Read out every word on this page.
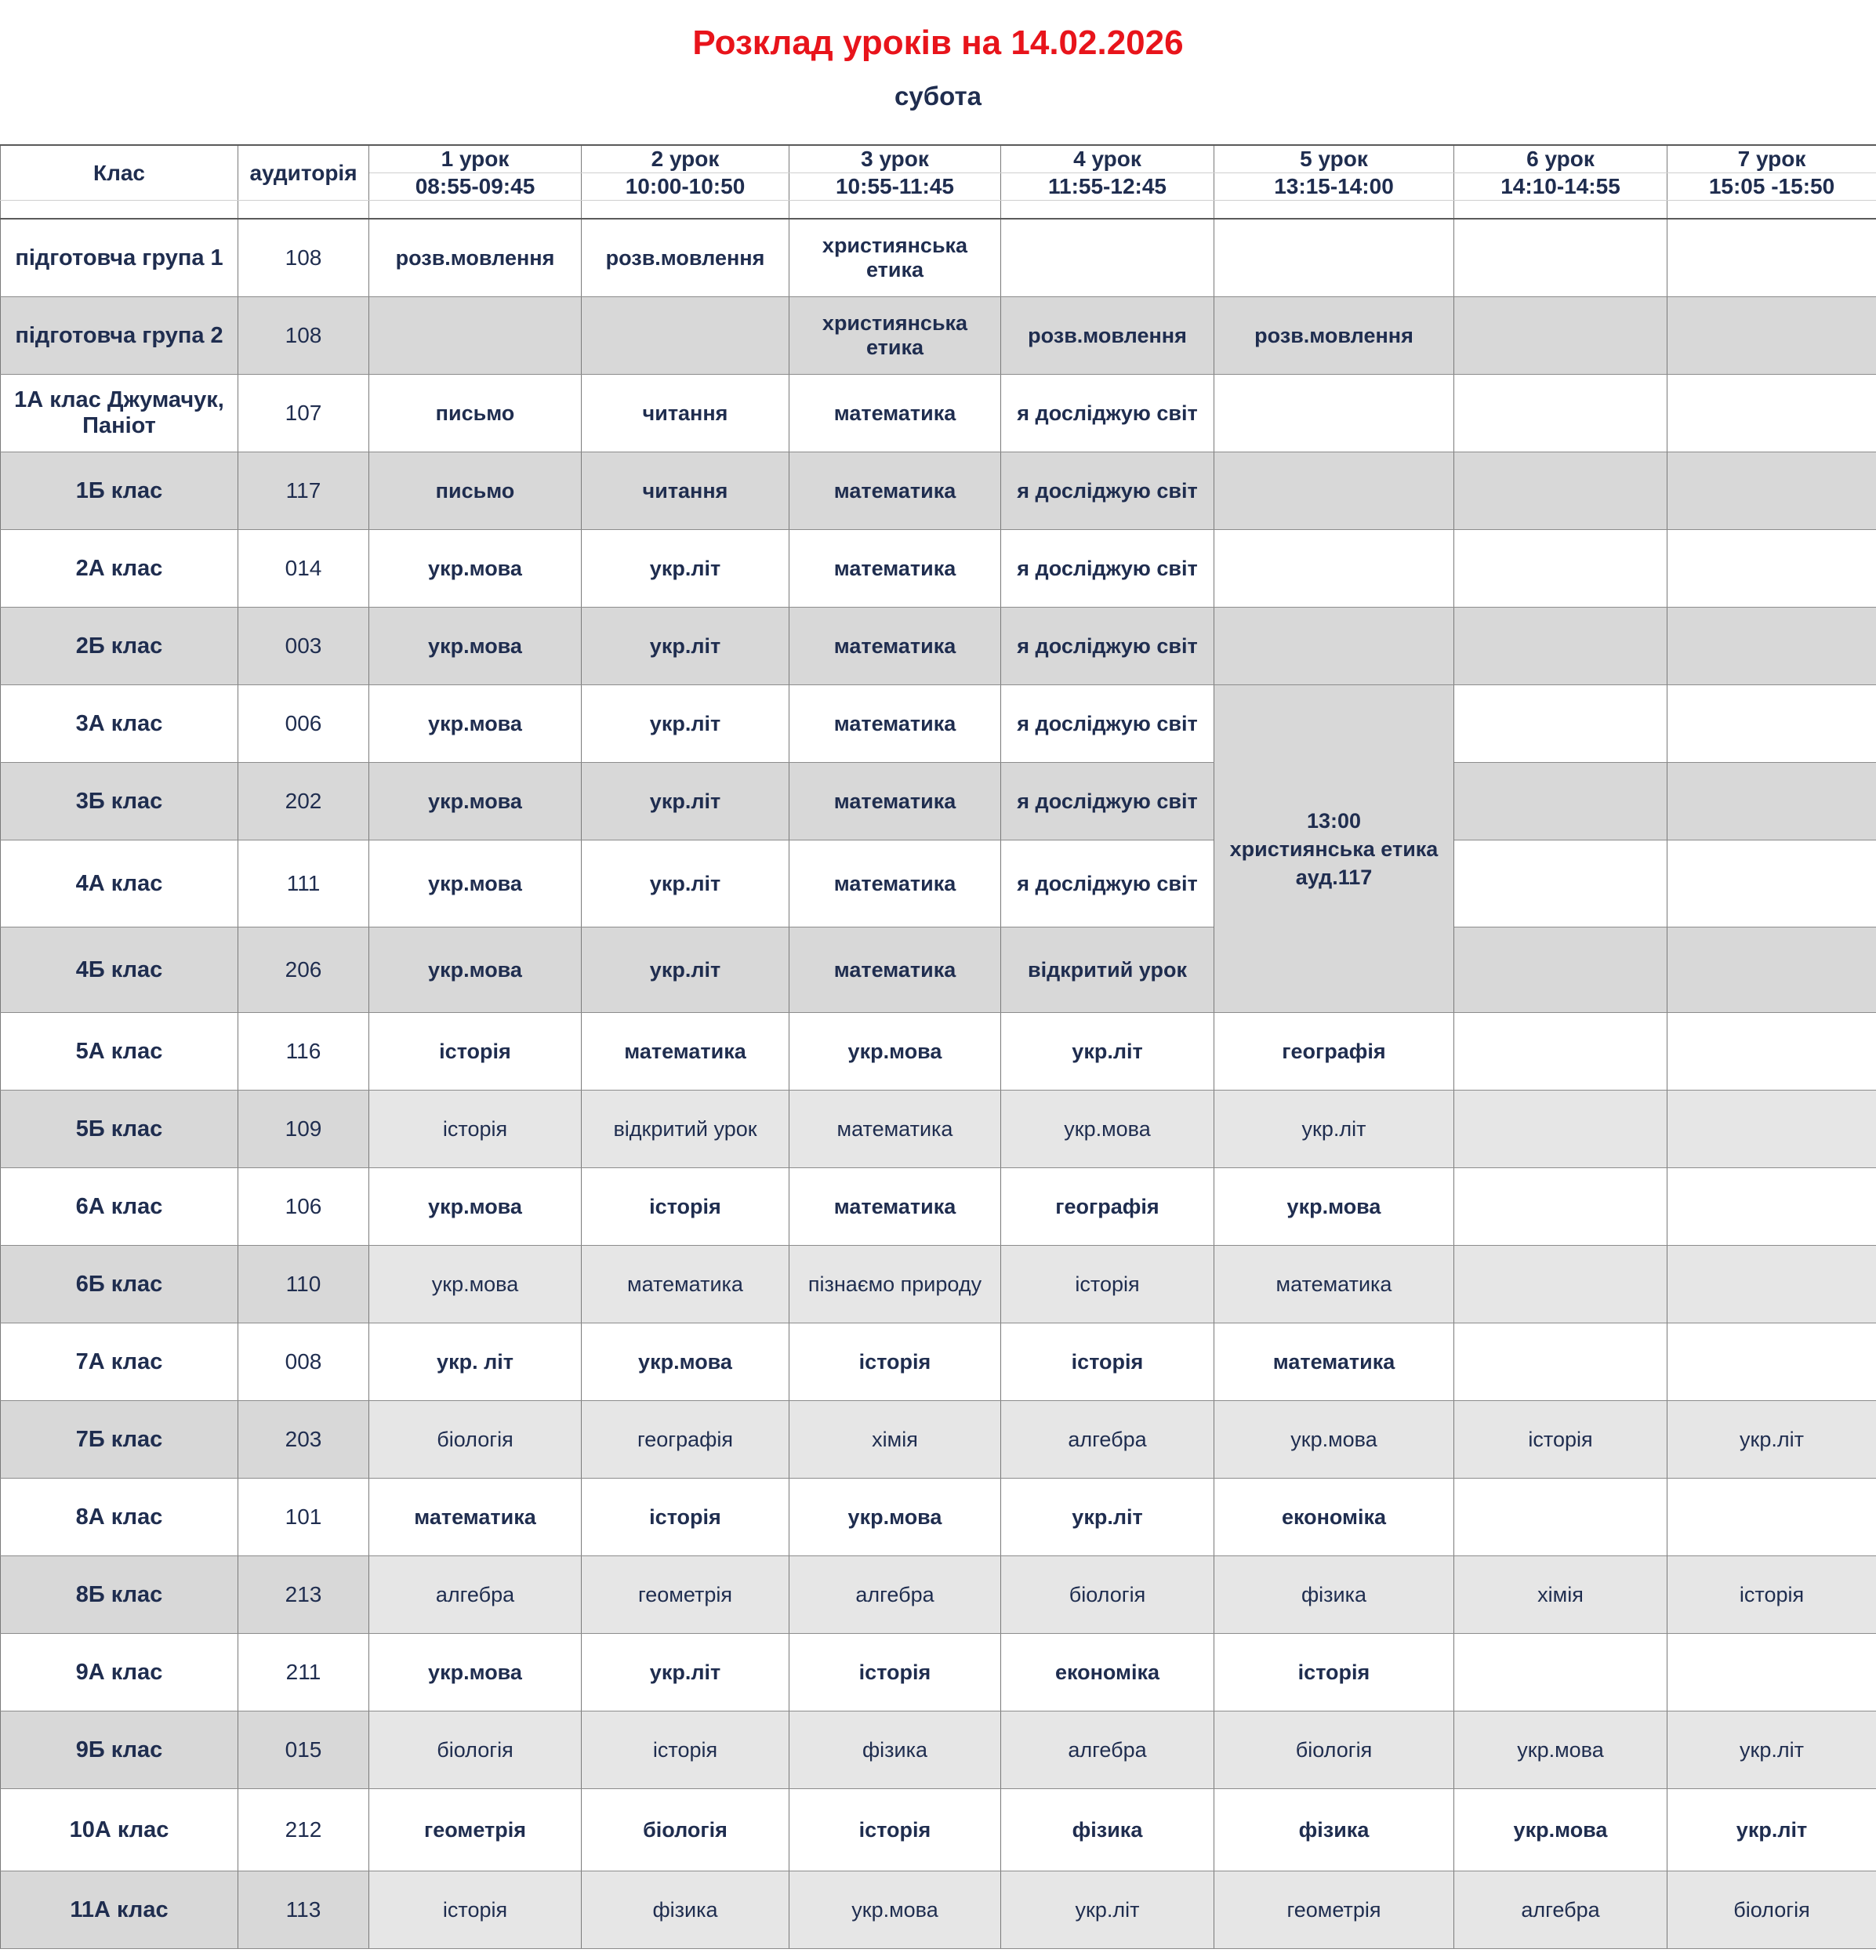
Розклад уроків на 14.02.2026
субота
Клас	аудиторія	1 урок	2 урок	3 урок	4 урок	5 урок	6 урок	7 урок
		08:55-09:45	10:00-10:50	10:55-11:45	11:55-12:45	13:15-14:00	14:10-14:55	15:05 -15:50

підготовча група 1	108	розв.мовлення	розв.мовлення	християнська етика				
підготовча група 2	108			християнська етика	розв.мовлення	розв.мовлення		
1А клас Джумачук, Паніот	107	письмо	читання	математика	я досліджую світ			
1Б клас	117	письмо	читання	математика	я досліджую світ			
2А клас	014	укр.мова	укр.літ	математика	я досліджую світ			
2Б клас	003	укр.мова	укр.літ	математика	я досліджую світ			
3А клас	006	укр.мова	укр.літ	математика	я досліджую світ	13:00
християнська етика
ауд.117		

3Б клас	202	укр.мова	укр.літ	математика	я досліджую світ			
4А клас	111	укр.мова	укр.літ	математика	я досліджую світ			
4Б клас	206	укр.мова	укр.літ	математика	відкритий урок			
5А клас	116	історія	математика	укр.мова	укр.літ	географія		
5Б клас	109	історія	відкритий урок	математика	укр.мова	укр.літ		
6А клас	106	укр.мова	історія	математика	географія	укр.мова		
6Б клас	110	укр.мова	математика	пізнаємо природу	історія	математика		
7А клас	008	укр. літ	укр.мова	історія	історія	математика		
7Б клас	203	біологія	географія	хімія	алгебра	укр.мова	історія	укр.літ
8А клас	101	математика	історія	укр.мова	укр.літ	економіка		
8Б клас	213	алгебра	геометрія	алгебра	біологія	фізика	хімія	історія
9А клас	211	укр.мова	укр.літ	історія	економіка	історія		
9Б клас	015	біологія	історія	фізика	алгебра	біологія	укр.мова	укр.літ
10А клас	212	геометрія	біологія	історія	фізика	фізика	укр.мова	укр.літ
11А клас	113	історія	фізика	укр.мова	укр.літ	геометрія	алгебра	біологія
